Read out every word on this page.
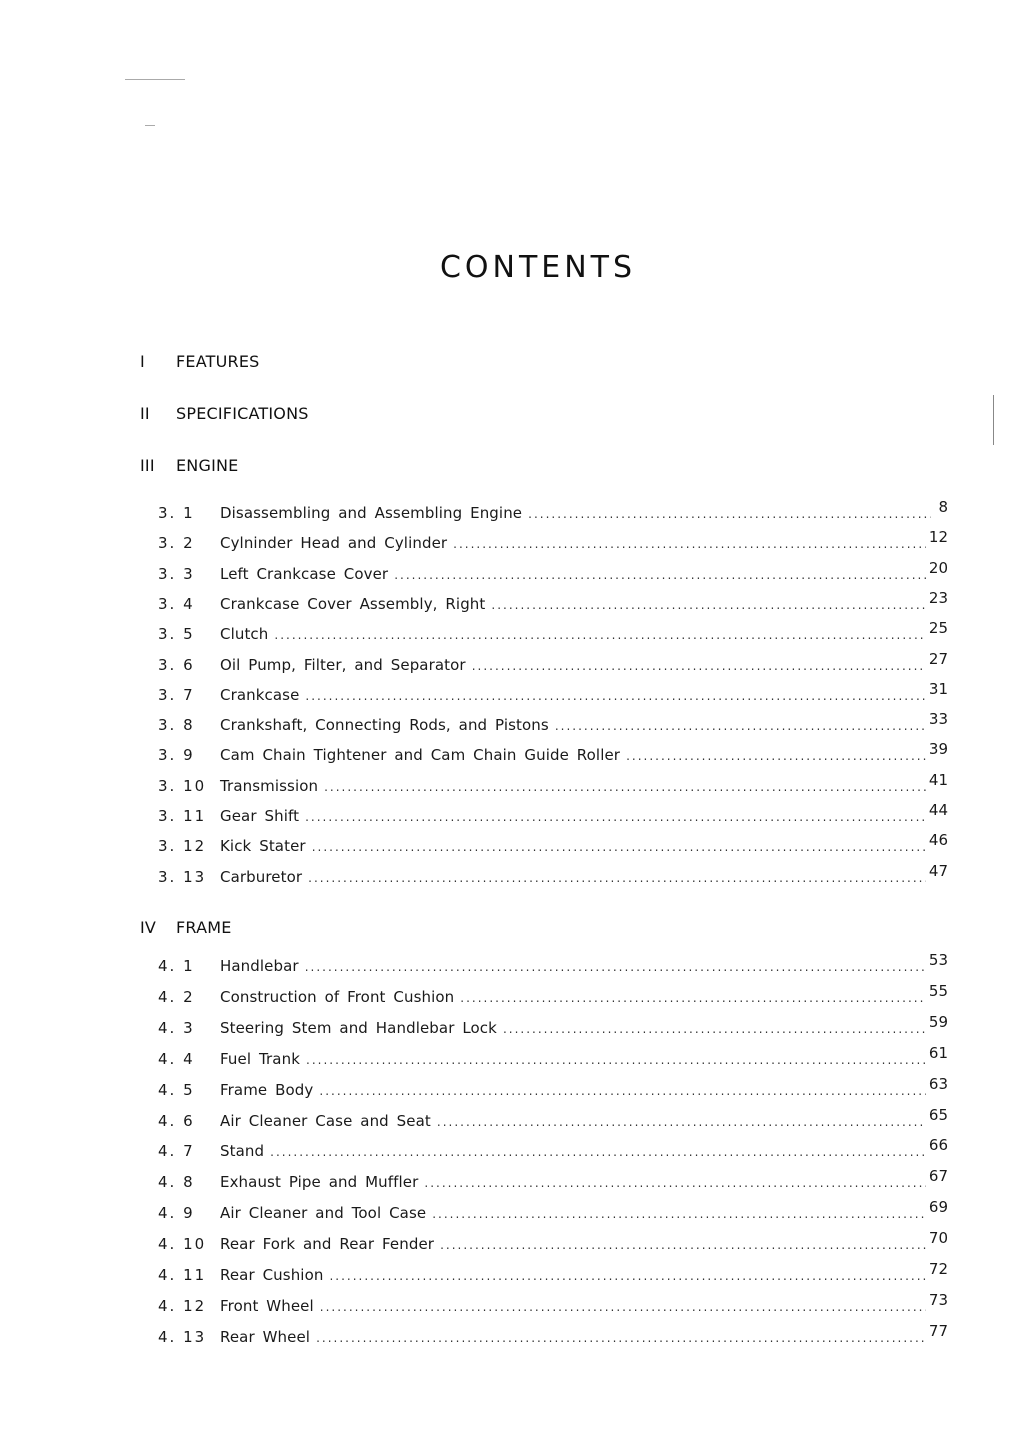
CONTENTS
I FEATURES
II SPECIFICATIONS
III ENGINE
3. 1	Disassembling and Assembling Engine .....	8
3. 2	Cylninder Head and Cylinder .....	12
3. 3	Left Crankcase Cover .....	20
3. 4	Crankcase Cover Assembly, Right .....	23
3. 5	Clutch .....	25
3. 6	Oil Pump, Filter, and Separator .....	27
3. 7	Crankcase .....	31
3. 8	Crankshaft, Connecting Rods, and Pistons .....	33
3. 9	Cam Chain Tightener and Cam Chain Guide Roller .....	39
3. 10 Transmission .....	41
3. 11 Gear Shift .....	44
3. 12 Kick Stater .....	46
3. 13 Carburetor .....	47
IV FRAME
4. 1	Handlebar .....	53
4. 2	Construction of Front Cushion .....	55
4. 3	Steering Stem and Handlebar Lock .....	59
4. 4	Fuel Trank .....	61
4. 5	Frame Body .....	63
4. 6	Air Cleaner Case and Seat .....	65
4. 7	Stand .....	66
4. 8	Exhaust Pipe and Muffler .....	67
4. 9	Air Cleaner and Tool Case .....	69
4. 10 Rear Fork and Rear Fender .....	70
4. 11 Rear Cushion .....	72
4. 12 Front Wheel .....	73
4. 13 Rear Wheel .....	77
